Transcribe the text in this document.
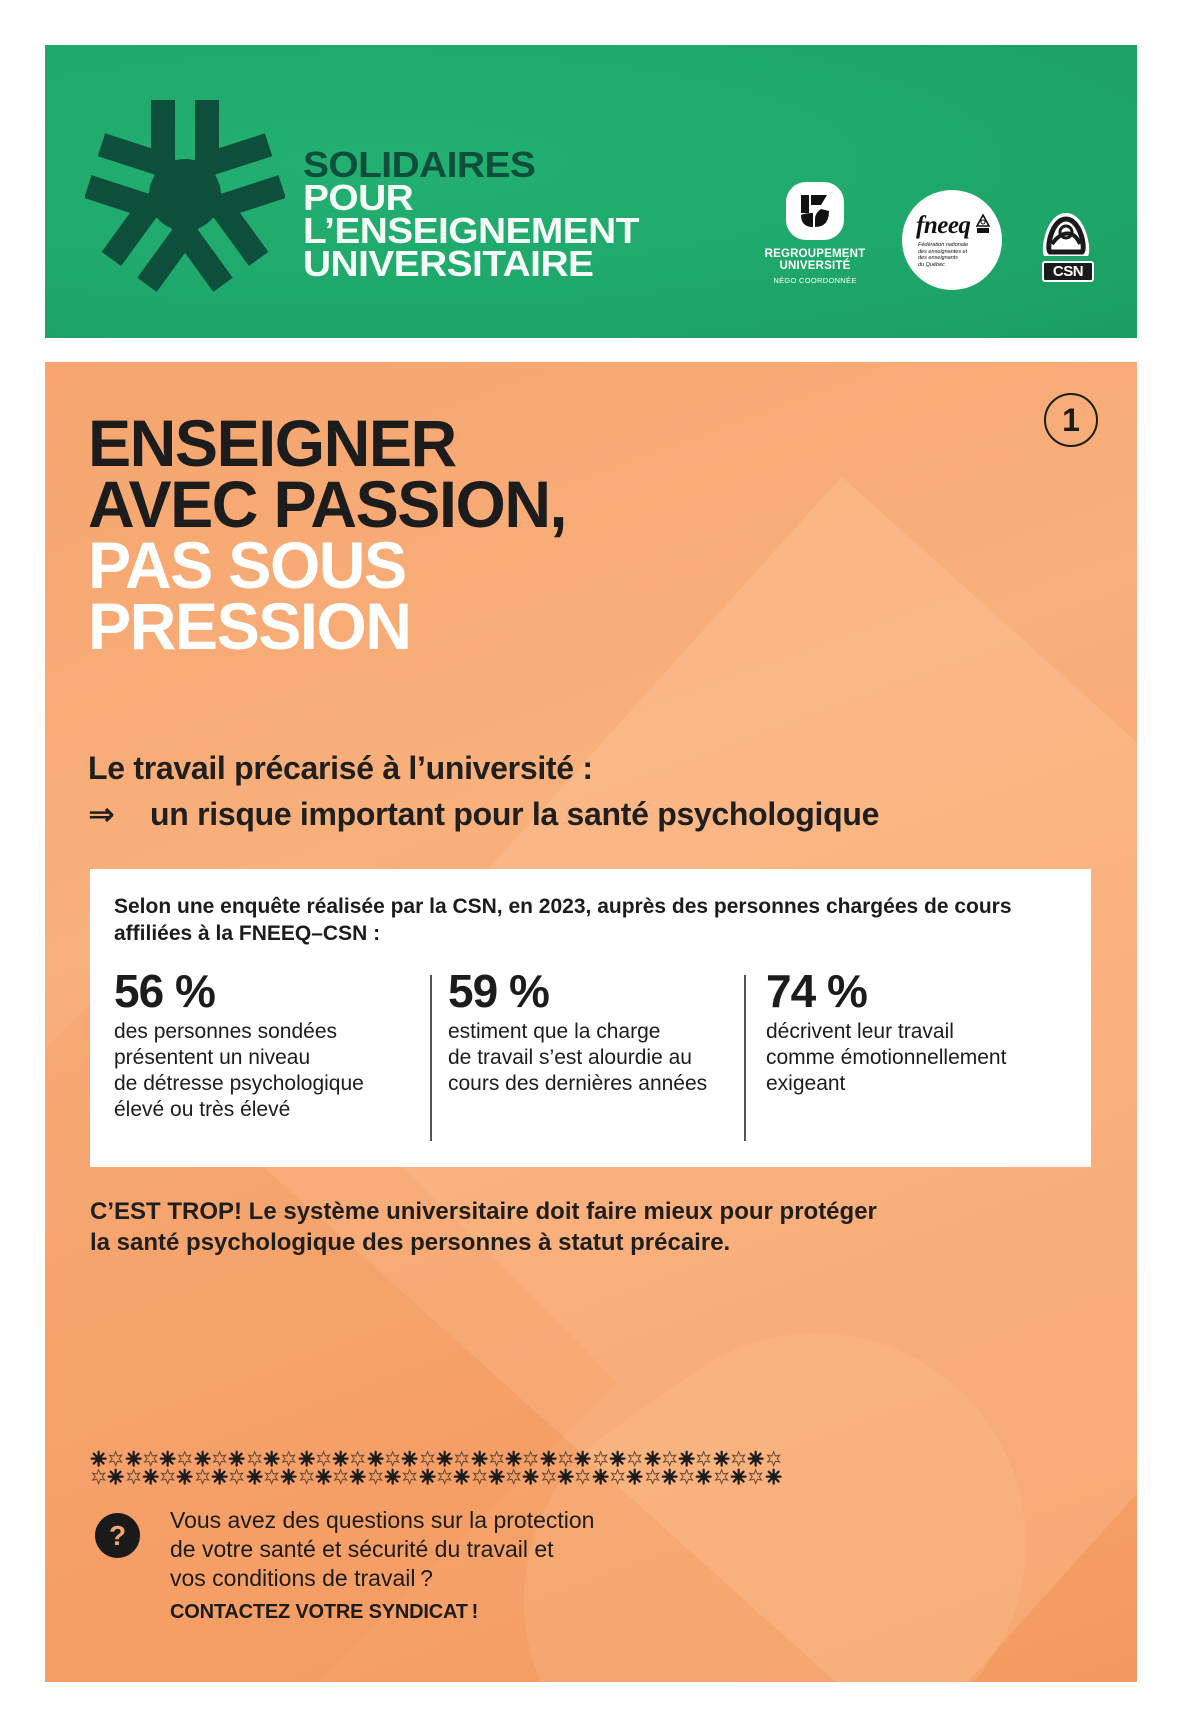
SOLIDAIRES
POUR
L’ENSEIGNEMENT
UNIVERSITAIRE	REGROUPEMENT
UNIVERSITÉ
NÉGO COORDONNÉE
fneeq
Fédération nationale
des enseignantes et
des enseignants
du Québec	CSN
1
ENSEIGNER
AVEC PASSION,
PAS SOUS
PRESSION
Le travail précarisé à l’université :
⇒ un risque important pour la santé psychologique

Selon une enquête réalisée par la CSN, en 2023, auprès des personnes chargées de cours affiliées à la FNEEQ–CSN :

56 %
des personnes sondées
présentent un niveau
de détresse psychologique
élevé ou très élevé
59 %
estiment que la charge
de travail s’est alourdie au
cours des dernières années
74 %
décrivent leur travail
comme émotionnellement
exigeant

C’EST TROP! Le système universitaire doit faire mieux pour protéger
la santé psychologique des personnes à statut précaire.

?	Vous avez des questions sur la protection
de votre santé et sécurité du travail et
vos conditions de travail ?

CONTACTEZ VOTRE SYNDICAT !
